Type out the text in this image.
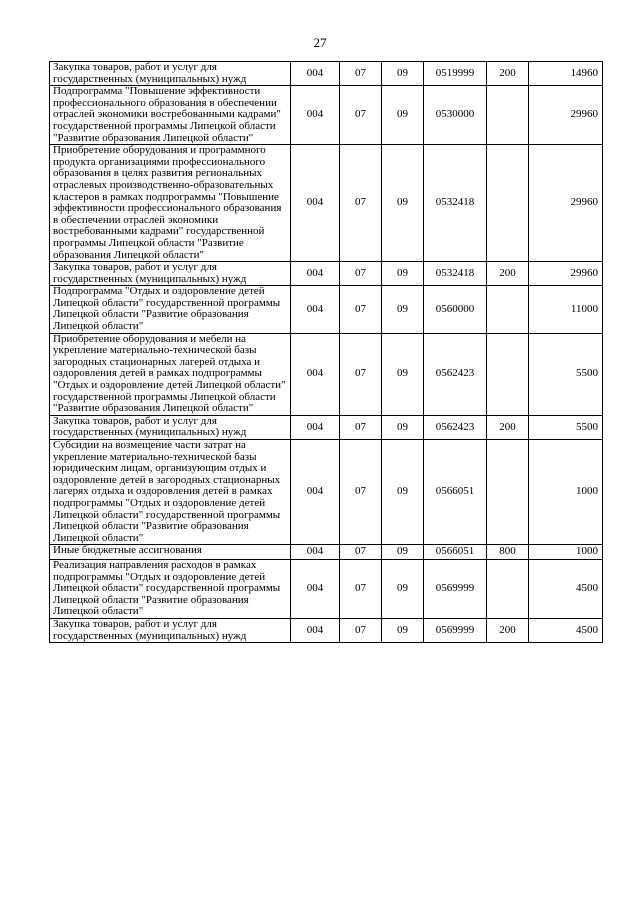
27
Закупка товаров, работ и услуг для государственных (муниципальных) нужд	004	07	09	0519999	200	14960
Подпрограмма "Повышение эффективности профессионального образования в обеспечении отраслей экономики востребованными кадрами" государственной программы Липецкой области "Развитие образования Липецкой области"	004	07	09	0530000		29960
Приобретение оборудования и программного продукта организациями профессионального образования в целях развития региональных отраслевых производственно-образовательных кластеров в рамках подпрограммы "Повышение эффективности профессионального образования в обеспечении отраслей экономики востребованными кадрами" государственной программы Липецкой области "Развитие образования Липецкой области"	004	07	09	0532418		29960
Закупка товаров, работ и услуг для государственных (муниципальных) нужд	004	07	09	0532418	200	29960
Подпрограмма "Отдых и оздоровление детей Липецкой области" государственной программы Липецкой области "Развитие образования Липецкой области"	004	07	09	0560000		11000
Приобретение оборудования и мебели на укрепление материально-технической базы загородных стационарных лагерей отдыха и оздоровления детей в рамках подпрограммы "Отдых и оздоровление детей Липецкой области" государственной программы Липецкой области "Развитие образования Липецкой области"	004	07	09	0562423		5500
Закупка товаров, работ и услуг для государственных (муниципальных) нужд	004	07	09	0562423	200	5500
Субсидии на возмещение части затрат на укрепление материально-технической базы юридическим лицам, организующим отдых и оздоровление детей в загородных стационарных лагерях отдыха и оздоровления детей в рамках подпрограммы "Отдых и оздоровление детей Липецкой области" государственной программы Липецкой области "Развитие образования Липецкой области"	004	07	09	0566051		1000
Иные бюджетные ассигнования	004	07	09	0566051	800	1000
Реализация направления расходов в рамках подпрограммы "Отдых и оздоровление детей Липецкой области" государственной программы Липецкой области "Развитие образования Липецкой области"	004	07	09	0569999		4500
Закупка товаров, работ и услуг для государственных (муниципальных) нужд	004	07	09	0569999	200	4500
